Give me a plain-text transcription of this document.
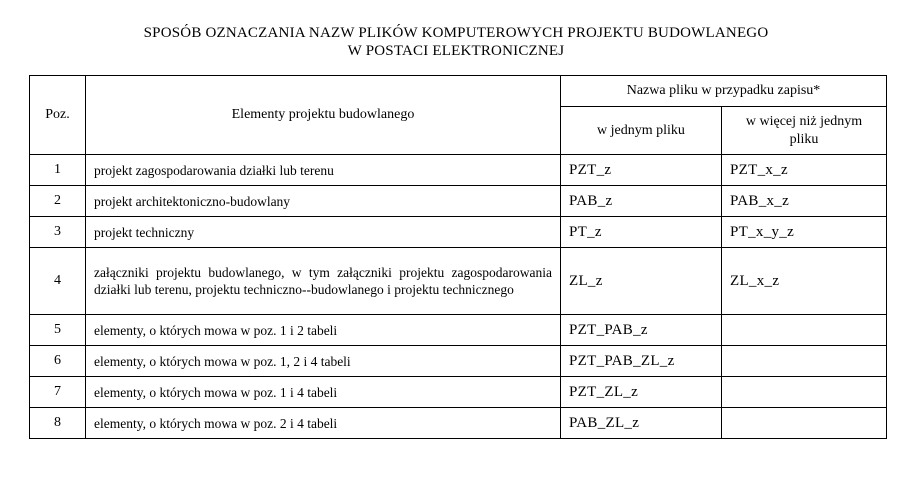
SPOSÓB OZNACZANIA NAZW PLIKÓW KOMPUTEROWYCH PROJEKTU BUDOWLANEGO
W POSTACI ELEKTRONICZNEJ
Poz.	Elementy projektu budowlanego	Nazwa pliku w przypadku zapisu*	
		w jednym pliku	w więcej niż jednym pliku
1	projekt zagospodarowania działki lub terenu	PZT_z	PZT_x_z
2	projekt architektoniczno-budowlany	PAB_z	PAB_x_z
3	projekt techniczny	PT_z	PT_x_y_z
4	załączniki projektu budowlanego, w tym załączniki projektu zagospodarowania działki lub terenu, projektu techniczno--budowlanego i projektu technicznego	ZL_z	ZL_x_z
5	elementy, o których mowa w poz. 1 i 2 tabeli	PZT_PAB_z	
6	elementy, o których mowa w poz. 1, 2 i 4 tabeli	PZT_PAB_ZL_z	
7	elementy, o których mowa w poz. 1 i 4 tabeli	PZT_ZL_z	
8	elementy, o których mowa w poz. 2 i 4 tabeli	PAB_ZL_z	
